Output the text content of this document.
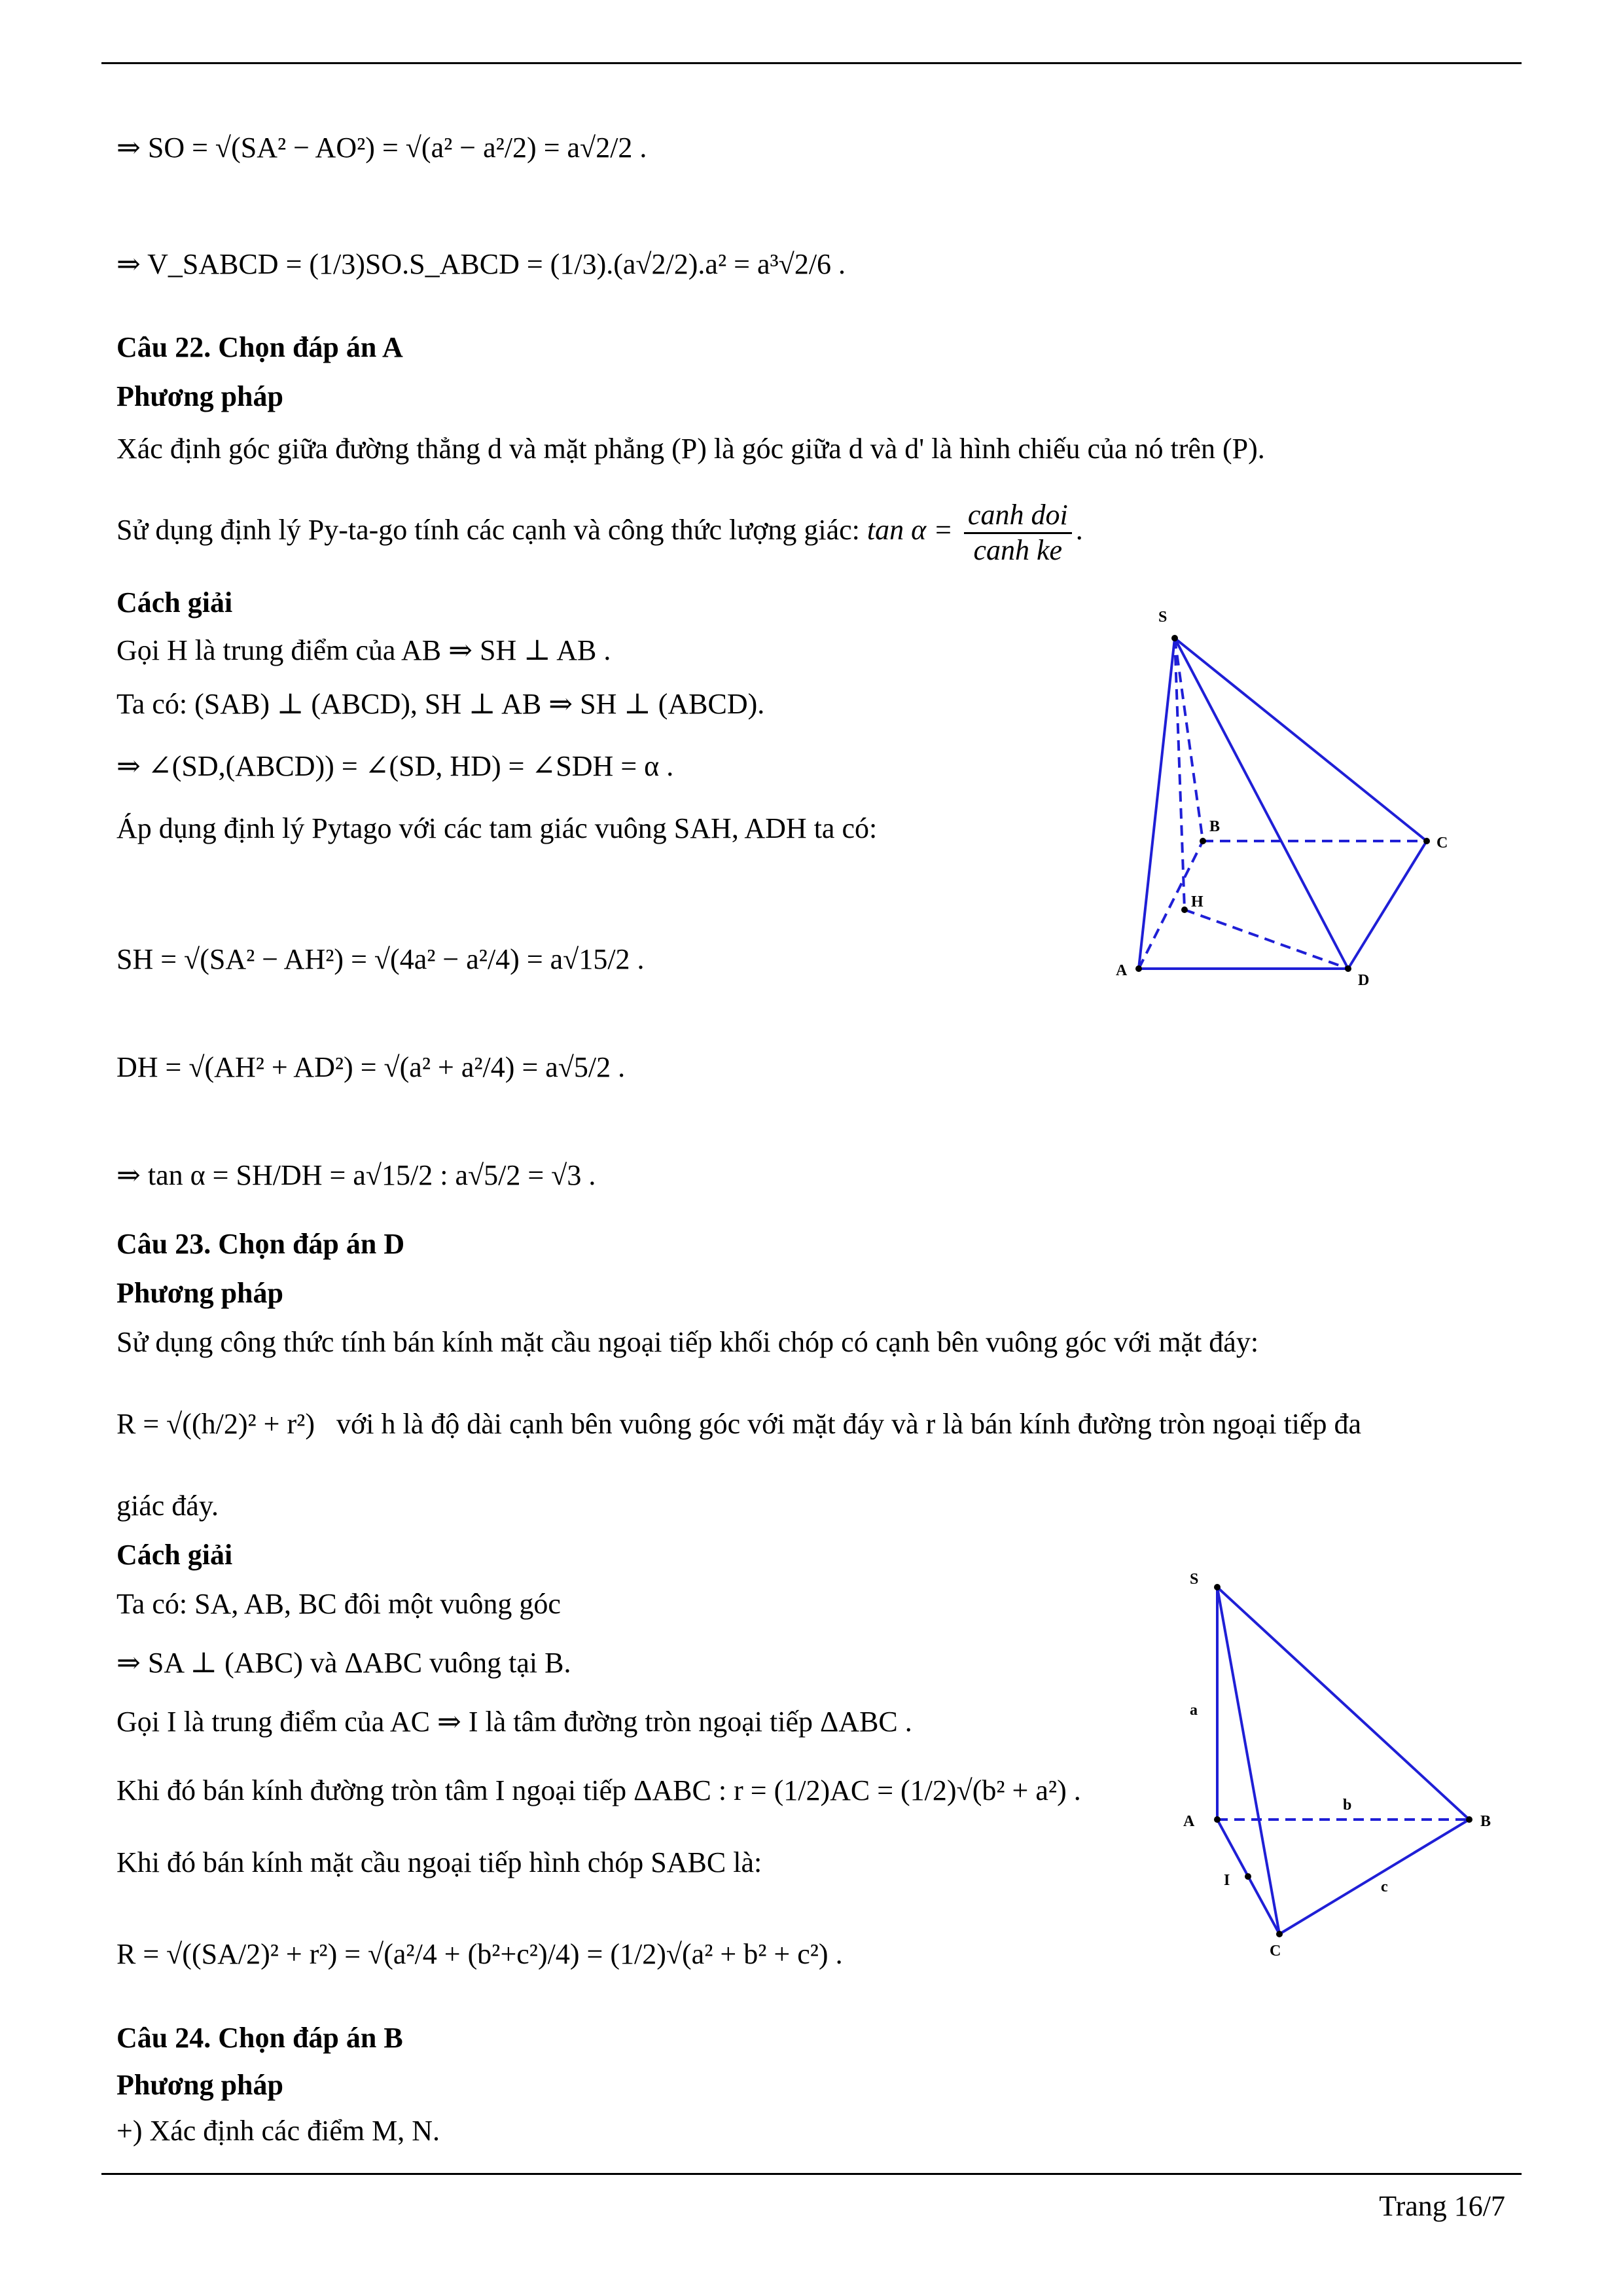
⇒ SO = √(SA² − AO²) = √(a² − a²/2) = a√2/2 .
⇒ V_SABCD = (1/3)SO.S_ABCD = (1/3).(a√2/2).a² = a³√2/6 .
Câu 22. Chọn đáp án A
Phương pháp
Xác định góc giữa đường thẳng d và mặt phẳng (P) là góc giữa d và d' là hình chiếu của nó trên (P).
Sử dụng định lý Py-ta-go tính các cạnh và công thức lượng giác: $\tan \alpha = \frac{\text{canh doi}}{\text{canh ke}}$ .
Cách giải
Gọi H là trung điểm của AB ⇒ SH ⊥ AB .
Ta có: (SAB) ⊥ (ABCD), SH ⊥ AB ⇒ SH ⊥ (ABCD).
⇒ ∠(SD,(ABCD)) = ∠(SD, HD) = ∠SDH = α .
Áp dụng định lý Pytago với các tam giác vuông SAH, ADH ta có:
SH = √(SA² − AH²) = √(4a² − a²/4) = a√15/2 .
DH = √(AH² + AD²) = √(a² + a²/4) = a√5/2 .
⇒ tan α = SH/DH = a√15/2 : a√5/2 = √3 .
S
B
C
H
A
D
Câu 23. Chọn đáp án D
Phương pháp
Sử dụng công thức tính bán kính mặt cầu ngoại tiếp khối chóp có cạnh bên vuông góc với mặt đáy:
R = √((h/2)² + r²) với h là độ dài cạnh bên vuông góc với mặt đáy và r là bán kính đường tròn ngoại tiếp đa
giác đáy.
Cách giải
Ta có: SA, AB, BC đôi một vuông góc
⇒ SA ⊥ (ABC) và ΔABC vuông tại B.
Gọi I là trung điểm của AC ⇒ I là tâm đường tròn ngoại tiếp ΔABC .
Khi đó bán kính đường tròn tâm I ngoại tiếp ΔABC : r = (1/2)AC = (1/2)√(b² + a²) .
Khi đó bán kính mặt cầu ngoại tiếp hình chóp SABC là:
R = √((SA/2)² + r²) = √(a²/4 + (b²+c²)/4) = (1/2)√(a² + b² + c²) .
S
a
A
b
B
I	c
C
Câu 24. Chọn đáp án B
Phương pháp
+) Xác định các điểm M, N.
Trang 16/7
